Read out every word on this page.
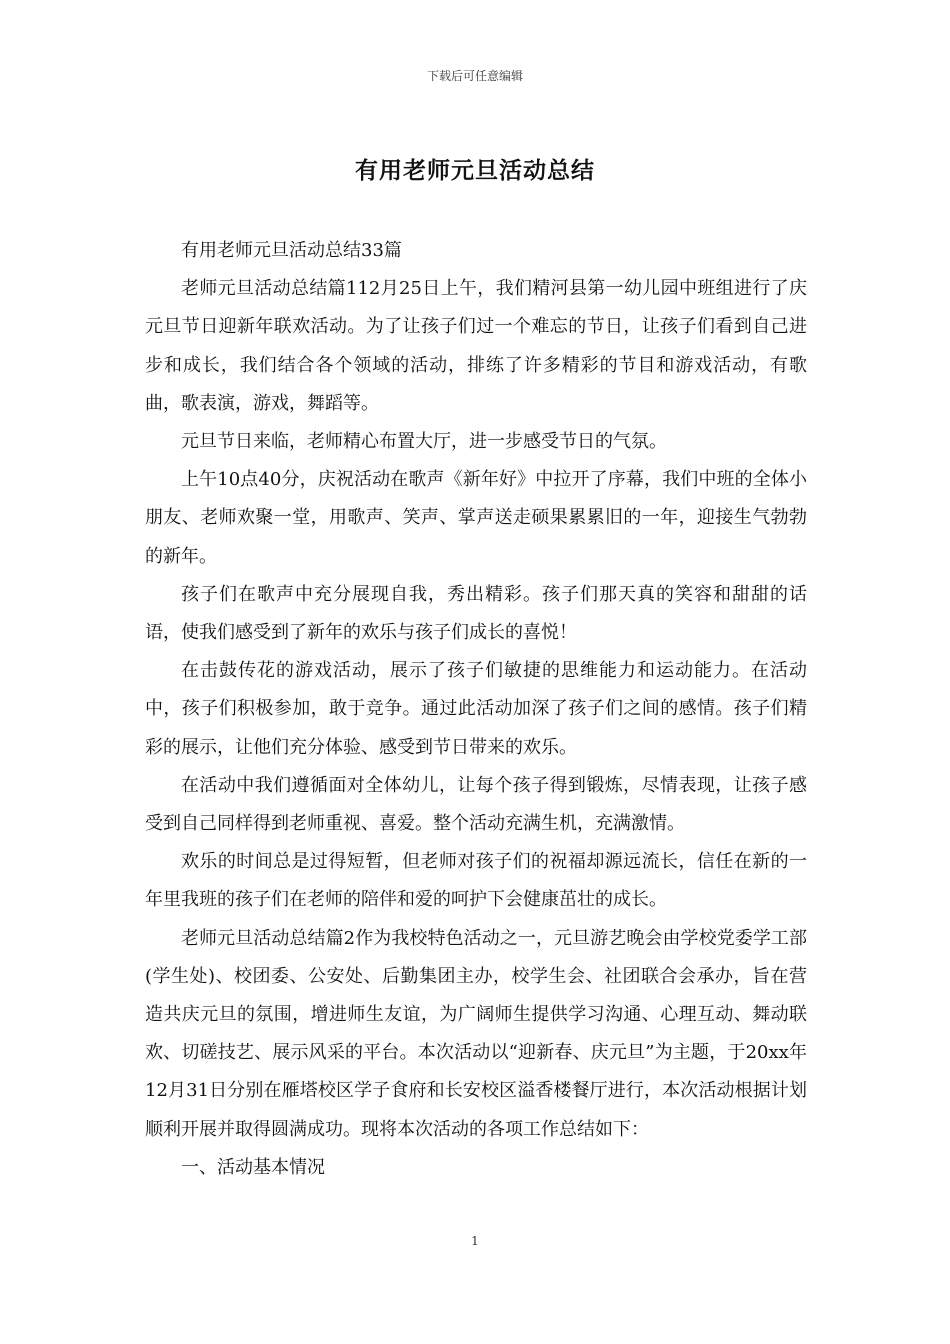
下载后可任意编辑
有用老师元旦活动总结

有用老师元旦活动总结33篇

老师元旦活动总结篇112月25日上午，我们精河县第一幼儿园中班组进行了庆元旦节日迎新年联欢活动。为了让孩子们过一个难忘的节日，让孩子们看到自己进步和成长，我们结合各个领域的活动，排练了许多精彩的节目和游戏活动，有歌曲，歌表演，游戏，舞蹈等。

元旦节日来临，老师精心布置大厅，进一步感受节日的气氛。

上午10点40分，庆祝活动在歌声《新年好》中拉开了序幕，我们中班的全体小朋友、老师欢聚一堂，用歌声、笑声、掌声送走硕果累累旧的一年，迎接生气勃勃的新年。

孩子们在歌声中充分展现自我，秀出精彩。孩子们那天真的笑容和甜甜的话语，使我们感受到了新年的欢乐与孩子们成长的喜悦！

在击鼓传花的游戏活动，展示了孩子们敏捷的思维能力和运动能力。在活动中，孩子们积极参加，敢于竞争。通过此活动加深了孩子们之间的感情。孩子们精彩的展示，让他们充分体验、感受到节日带来的欢乐。

在活动中我们遵循面对全体幼儿，让每个孩子得到锻炼，尽情表现，让孩子感受到自己同样得到老师重视、喜爱。整个活动充满生机，充满激情。

欢乐的时间总是过得短暂，但老师对孩子们的祝福却源远流长，信任在新的一年里我班的孩子们在老师的陪伴和爱的呵护下会健康茁壮的成长。

老师元旦活动总结篇2作为我校特色活动之一，元旦游艺晚会由学校党委学工部(学生处)、校团委、公安处、后勤集团主办，校学生会、社团联合会承办，旨在营造共庆元旦的氛围，增进师生友谊，为广阔师生提供学习沟通、心理互动、舞动联欢、切磋技艺、展示风采的平台。本次活动以“迎新春、庆元旦”为主题，于20xx年12月31日分别在雁塔校区学子食府和长安校区溢香楼餐厅进行，本次活动根据计划顺利开展并取得圆满成功。现将本次活动的各项工作总结如下：

一、活动基本情况

1
